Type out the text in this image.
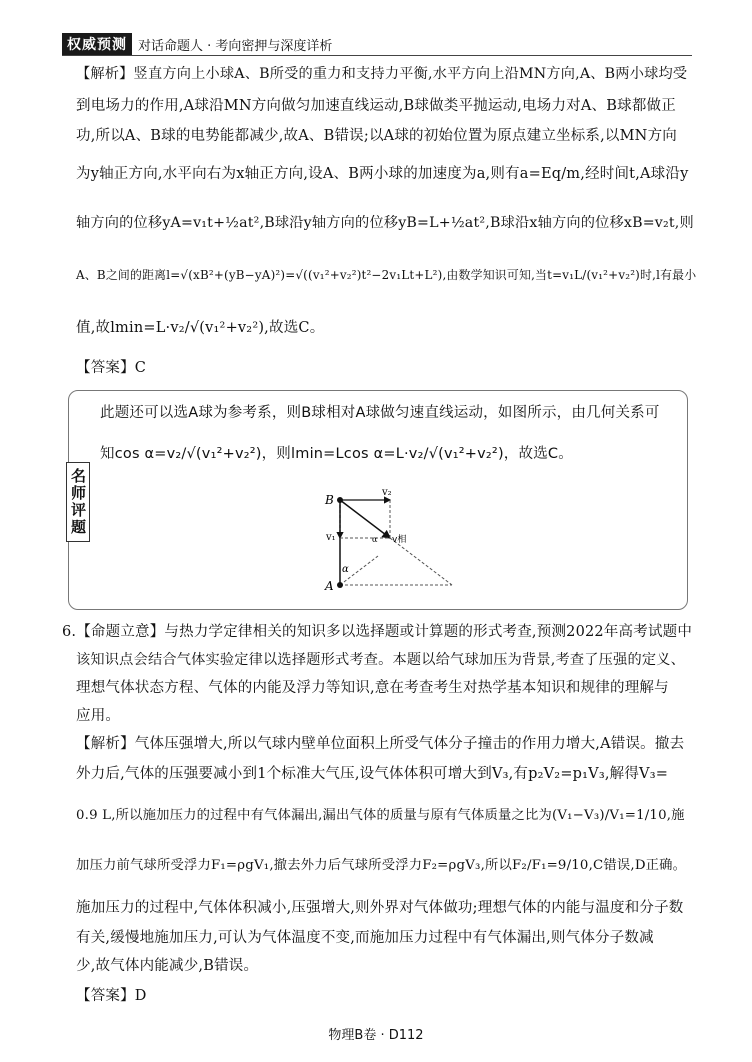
权威预测 对话命题人 · 考向密押与深度详析
【解析】竖直方向上小球A、B所受的重力和支持力平衡,水平方向上沿MN方向,A、B两小球均受
到电场力的作用,A球沿MN方向做匀加速直线运动,B球做类平抛运动,电场力对A、B球都做正
功,所以A、B球的电势能都减少,故A、B错误;以A球的初始位置为原点建立坐标系,以MN方向
为y轴正方向,水平向右为x轴正方向,设A、B两小球的加速度为a,则有a=Eq/m,经时间t,A球沿y
轴方向的位移yA=v₁t+½at²,B球沿y轴方向的位移yB=L+½at²,B球沿x轴方向的位移xB=v₂t,则
A、B之间的距离l=√(xB²+(yB−yA)²)=√((v₁²+v₂²)t²−2v₁Lt+L²),由数学知识可知,当t=v₁L/(v₁²+v₂²)时,l有最小
值,故lmin=L·v₂/√(v₁²+v₂²),故选C。
【答案】C
名师评题
此题还可以选A球为参考系，则B球相对A球做匀速直线运动，如图所示，由几何关系可
知cos α=v₂/√(v₁²+v₂²)，则lmin=Lcos α=L·v₂/√(v₁²+v₂²)，故选C。
B
A
v₂
v₁	v相
α
α
6.【命题立意】与热力学定律相关的知识多以选择题或计算题的形式考查,预测2022年高考试题中
该知识点会结合气体实验定律以选择题形式考查。本题以给气球加压为背景,考查了压强的定义、
理想气体状态方程、气体的内能及浮力等知识,意在考查考生对热学基本知识和规律的理解与
应用。
【解析】气体压强增大,所以气球内壁单位面积上所受气体分子撞击的作用力增大,A错误。撤去
外力后,气体的压强要减小到1个标准大气压,设气体体积可增大到V₃,有p₂V₂=p₁V₃,解得V₃=
0.9 L,所以施加压力的过程中有气体漏出,漏出气体的质量与原有气体质量之比为(V₁−V₃)/V₁=1/10,施
加压力前气球所受浮力F₁=ρgV₁,撤去外力后气球所受浮力F₂=ρgV₃,所以F₂/F₁=9/10,C错误,D正确。
施加压力的过程中,气体体积减小,压强增大,则外界对气体做功;理想气体的内能与温度和分子数
有关,缓慢地施加压力,可认为气体温度不变,而施加压力过程中有气体漏出,则气体分子数减
少,故气体内能减少,B错误。
【答案】D
物理B卷 · D112
